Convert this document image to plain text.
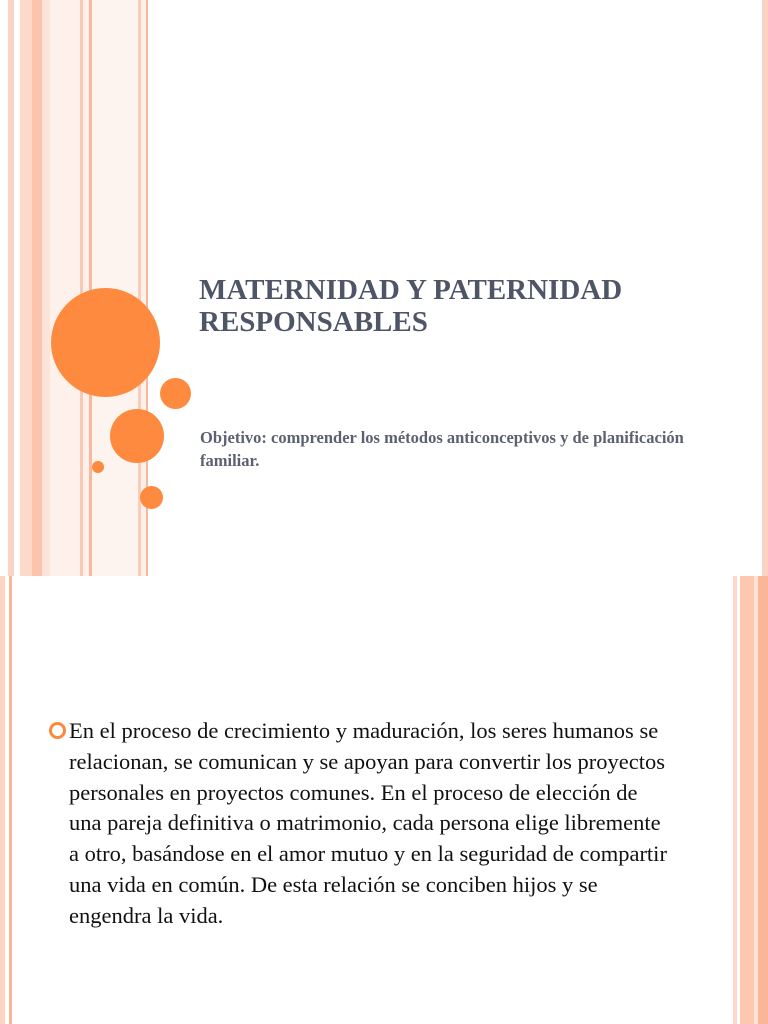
MATERNIDAD Y PATERNIDAD RESPONSABLES

Objetivo: comprender los métodos anticonceptivos y de planificación familiar.

En el proceso de crecimiento y maduración, los seres humanos se relacionan, se comunican y se apoyan para convertir los proyectos personales en proyectos comunes. En el proceso de elección de una pareja definitiva o matrimonio, cada persona elige libremente a otro, basándose en el amor mutuo y en la seguridad de compartir una vida en común. De esta relación se conciben hijos y se engendra la vida.
